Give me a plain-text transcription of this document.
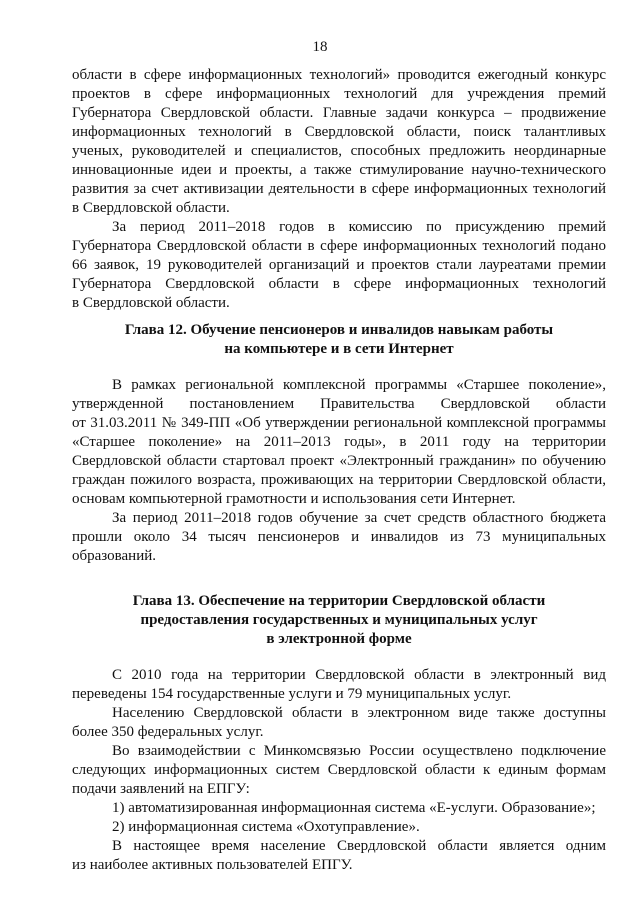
18
области в сфере информационных технологий» проводится ежегодный конкурс
проектов в сфере информационных технологий для учреждения премий
Губернатора Свердловской области. Главные задачи конкурса – продвижение
информационных технологий в Свердловской области, поиск талантливых
ученых, руководителей и специалистов, способных предложить неординарные
инновационные идеи и проекты, а также стимулирование научно-технического
развития за счет активизации деятельности в сфере информационных технологий
в Свердловской области.
За период 2011–2018 годов в комиссию по присуждению премий
Губернатора Свердловской области в сфере информационных технологий подано
66 заявок, 19 руководителей организаций и проектов стали лауреатами премии
Губернатора Свердловской области в сфере информационных технологий
в Свердловской области.
Глава 12. Обучение пенсионеров и инвалидов навыкам работы
на компьютере и в сети Интернет
В рамках региональной комплексной программы «Старшее поколение»,
утвержденной постановлением Правительства Свердловской области
от 31.03.2011 № 349-ПП «Об утверждении региональной комплексной программы
«Старшее поколение» на 2011–2013 годы», в 2011 году на территории
Свердловской области стартовал проект «Электронный гражданин» по обучению
граждан пожилого возраста, проживающих на территории Свердловской области,
основам компьютерной грамотности и использования сети Интернет.
За период 2011–2018 годов обучение за счет средств областного бюджета
прошли около 34 тысяч пенсионеров и инвалидов из 73 муниципальных
образований.
Глава 13. Обеспечение на территории Свердловской области
предоставления государственных и муниципальных услуг
в электронной форме
С 2010 года на территории Свердловской области в электронный вид
переведены 154 государственные услуги и 79 муниципальных услуг.
Населению Свердловской области в электронном виде также доступны
более 350 федеральных услуг.
Во взаимодействии с Минкомсвязью России осуществлено подключение
следующих информационных систем Свердловской области к единым формам
подачи заявлений на ЕПГУ:
1) автоматизированная информационная система «Е-услуги. Образование»;
2) информационная система «Охотуправление».
В настоящее время население Свердловской области является одним
из наиболее активных пользователей ЕПГУ.
